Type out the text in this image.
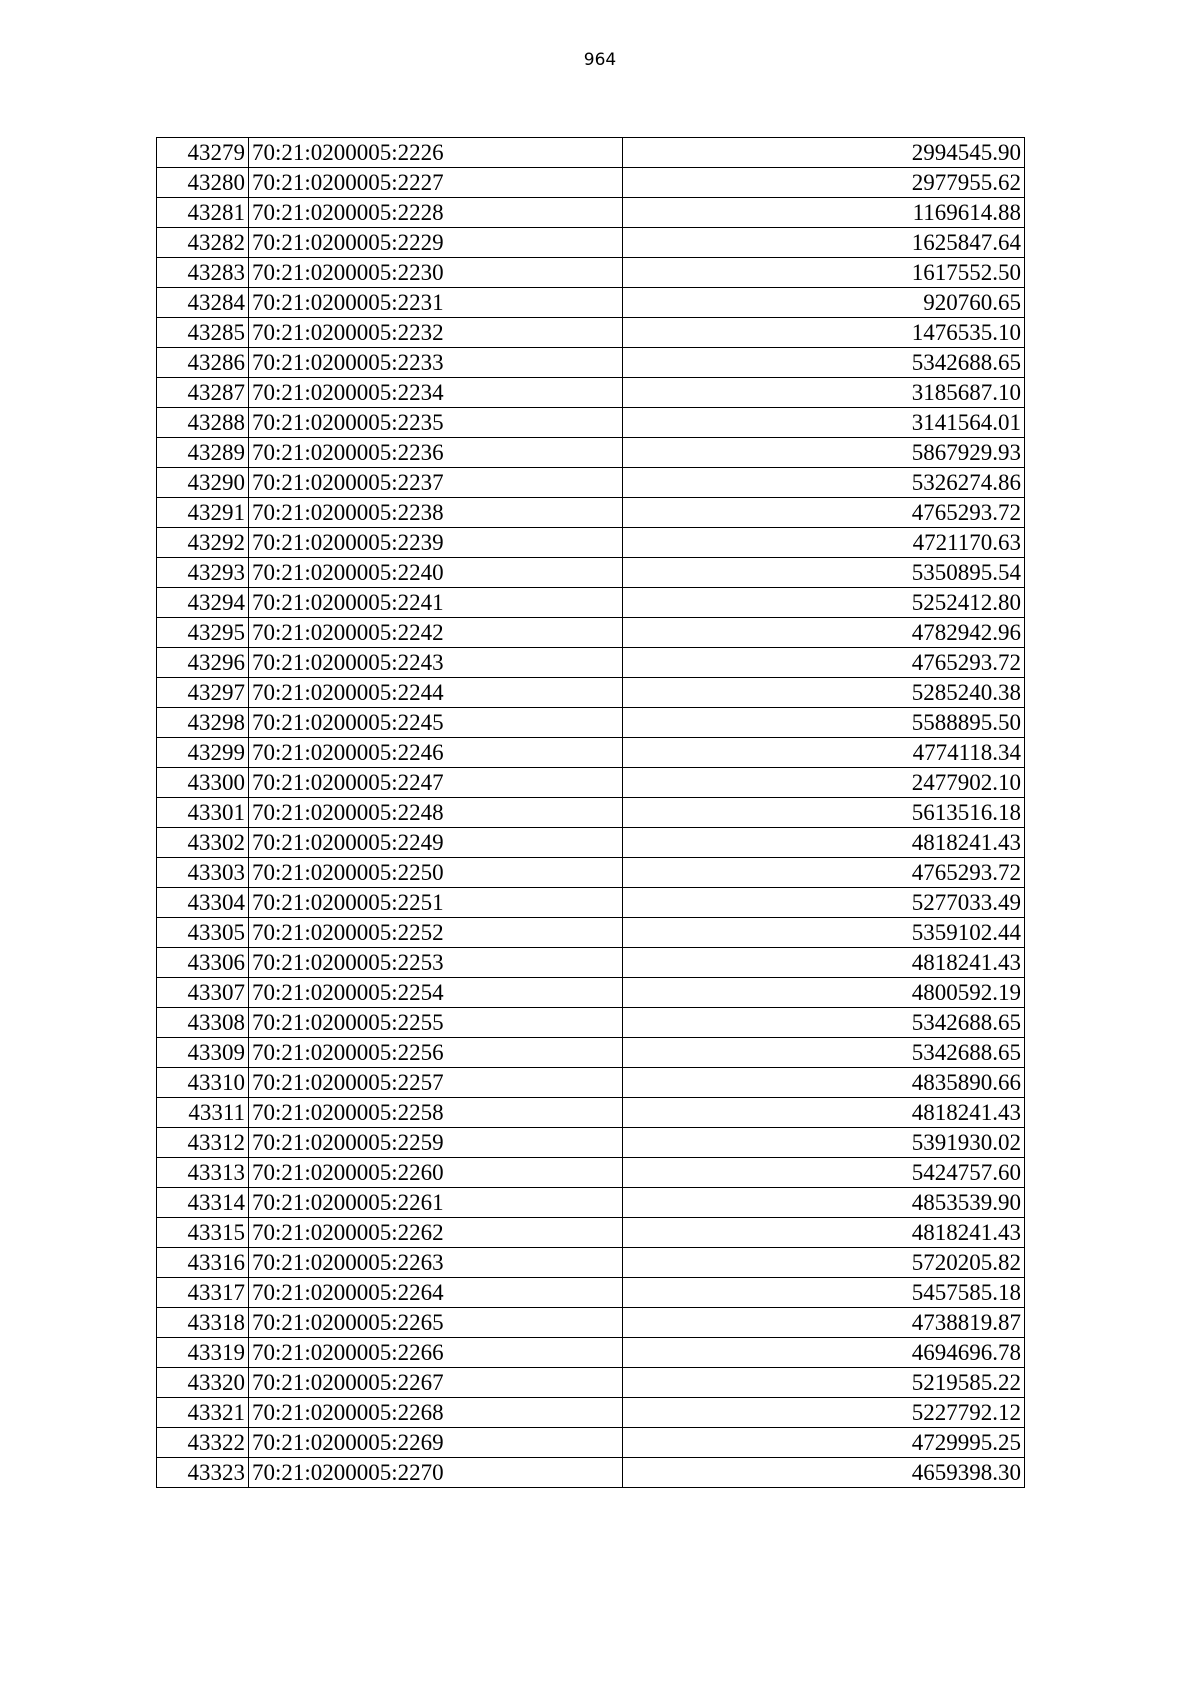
964
43279	70:21:0200005:2226	2994545.90
43280	70:21:0200005:2227	2977955.62
43281	70:21:0200005:2228	1169614.88
43282	70:21:0200005:2229	1625847.64
43283	70:21:0200005:2230	1617552.50
43284	70:21:0200005:2231	920760.65
43285	70:21:0200005:2232	1476535.10
43286	70:21:0200005:2233	5342688.65
43287	70:21:0200005:2234	3185687.10
43288	70:21:0200005:2235	3141564.01
43289	70:21:0200005:2236	5867929.93
43290	70:21:0200005:2237	5326274.86
43291	70:21:0200005:2238	4765293.72
43292	70:21:0200005:2239	4721170.63
43293	70:21:0200005:2240	5350895.54
43294	70:21:0200005:2241	5252412.80
43295	70:21:0200005:2242	4782942.96
43296	70:21:0200005:2243	4765293.72
43297	70:21:0200005:2244	5285240.38
43298	70:21:0200005:2245	5588895.50
43299	70:21:0200005:2246	4774118.34
43300	70:21:0200005:2247	2477902.10
43301	70:21:0200005:2248	5613516.18
43302	70:21:0200005:2249	4818241.43
43303	70:21:0200005:2250	4765293.72
43304	70:21:0200005:2251	5277033.49
43305	70:21:0200005:2252	5359102.44
43306	70:21:0200005:2253	4818241.43
43307	70:21:0200005:2254	4800592.19
43308	70:21:0200005:2255	5342688.65
43309	70:21:0200005:2256	5342688.65
43310	70:21:0200005:2257	4835890.66
43311	70:21:0200005:2258	4818241.43
43312	70:21:0200005:2259	5391930.02
43313	70:21:0200005:2260	5424757.60
43314	70:21:0200005:2261	4853539.90
43315	70:21:0200005:2262	4818241.43
43316	70:21:0200005:2263	5720205.82
43317	70:21:0200005:2264	5457585.18
43318	70:21:0200005:2265	4738819.87
43319	70:21:0200005:2266	4694696.78
43320	70:21:0200005:2267	5219585.22
43321	70:21:0200005:2268	5227792.12
43322	70:21:0200005:2269	4729995.25
43323	70:21:0200005:2270	4659398.30
